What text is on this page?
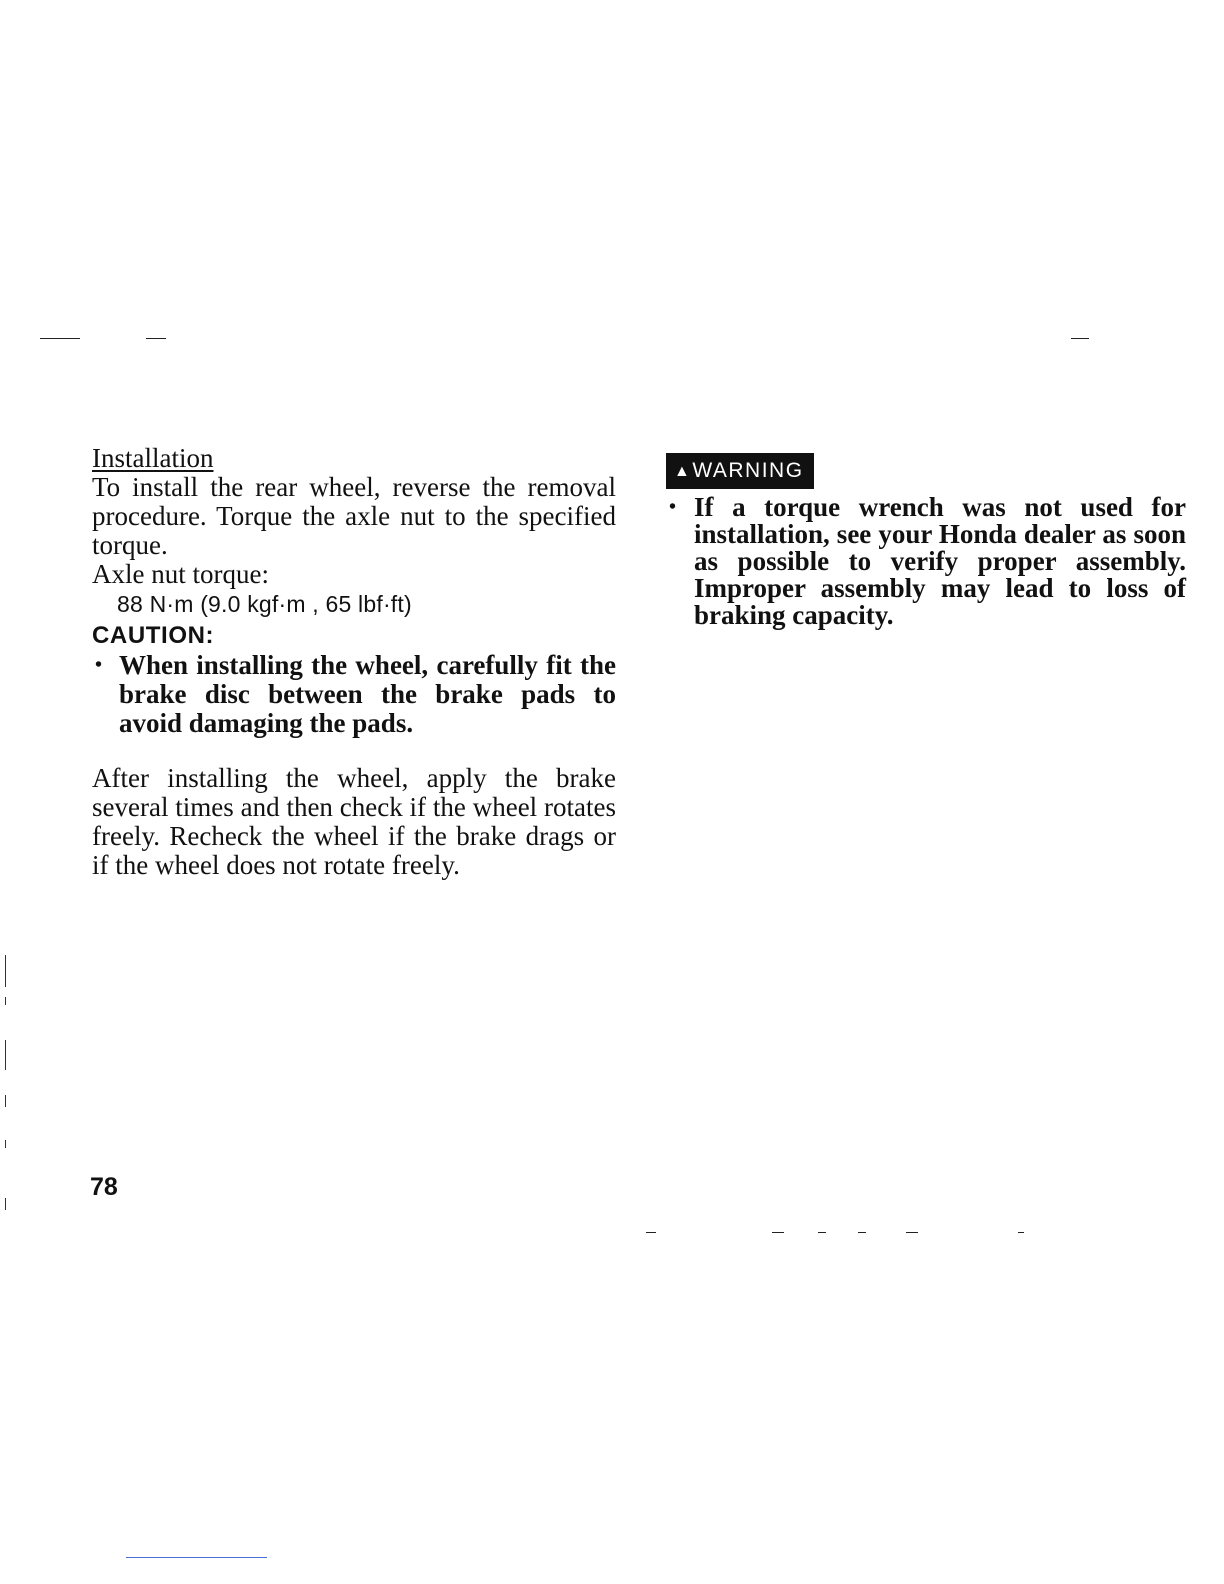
Installation

To install the rear wheel, reverse the removal procedure. Torque the axle nut to the specified torque.

Axle nut torque:

88 N·m (9.0 kgf·m , 65 lbf·ft)

CAUTION:

• When installing the wheel, carefully fit the brake disc between the brake pads to avoid damaging the pads.

After installing the wheel, apply the brake several times and then check if the wheel rotates freely. Recheck the wheel if the brake drags or if the wheel does not rotate freely.

▲WARNING
• If a torque wrench was not used for installation, see your Honda dealer as soon as possible to verify proper assembly. Improper assembly may lead to loss of braking capacity.
78
